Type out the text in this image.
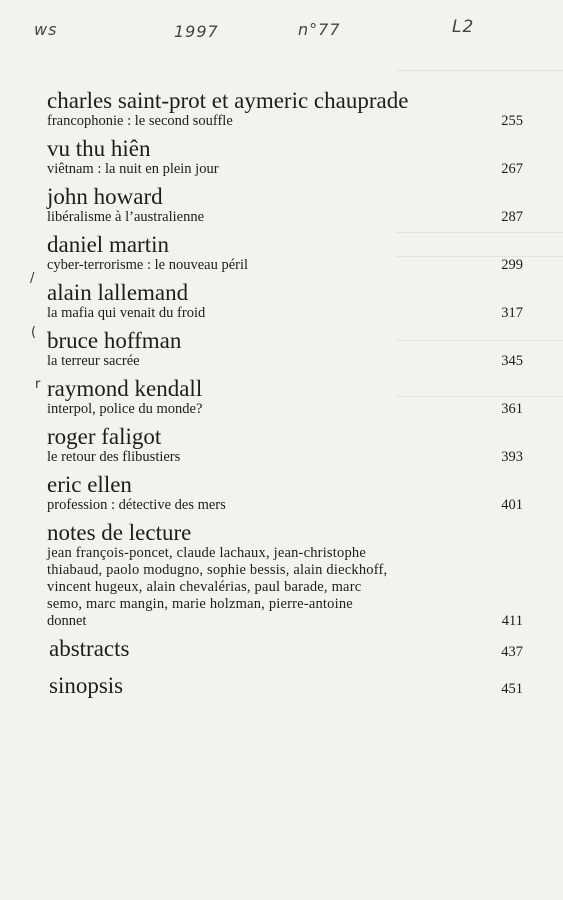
ws	1997	n°77	L2
/
(
r
charles saint-prot et aymeric chauprade
francophonie : le second souffle	255
vu thu hiên
viêtnam : la nuit en plein jour	267
john howard
libéralisme à l’australienne	287
daniel martin
cyber-terrorisme : le nouveau péril	299
alain lallemand
la mafia qui venait du froid	317
bruce hoffman
la terreur sacrée	345
raymond kendall
interpol, police du monde?	361
roger faligot
le retour des flibustiers	393
eric ellen
profession : détective des mers	401
notes de lecture
jean françois-poncet, claude lachaux, jean-christophe
thiabaud, paolo modugno, sophie bessis, alain dieckhoff,
vincent hugeux, alain chevalérias, paul barade, marc
semo, marc mangin, marie holzman, pierre-antoine
donnet	411
abstracts	437
sinopsis	451
